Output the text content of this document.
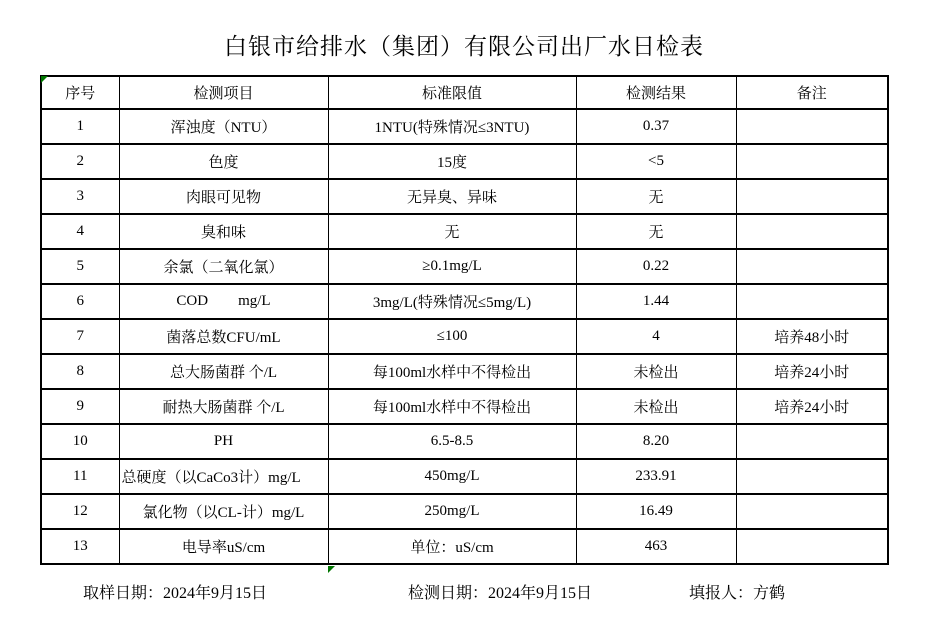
白银市给排水（集团）有限公司出厂水日检表
序号	检测项目	标准限值	检测结果	备注
1	浑浊度（NTU）	1NTU(特殊情况≤3NTU)	0.37	
2	色度	15度	<5	
3	肉眼可见物	无异臭、异味	无	
4	臭和味	无	无	
5	余氯（二氧化氯）	≥0.1mg/L	0.22	
6	COD        mg/L	3mg/L(特殊情况≤5mg/L)	1.44	
7	菌落总数CFU/mL	≤100	4	培养48小时
8	总大肠菌群 个/L	每100ml水样中不得检出	未检出	培养24小时
9	耐热大肠菌群 个/L	每100ml水样中不得检出	未检出	培养24小时
10	PH	6.5-8.5	8.20	
11	总硬度（以CaCo3计）mg/L	450mg/L	233.91	
12	氯化物（以CL-计）mg/L	250mg/L	16.49	
13	电导率uS/cm	单位：uS/cm	463	
取样日期：2024年9月15日	检测日期：2024年9月15日	填报人：方鹤
